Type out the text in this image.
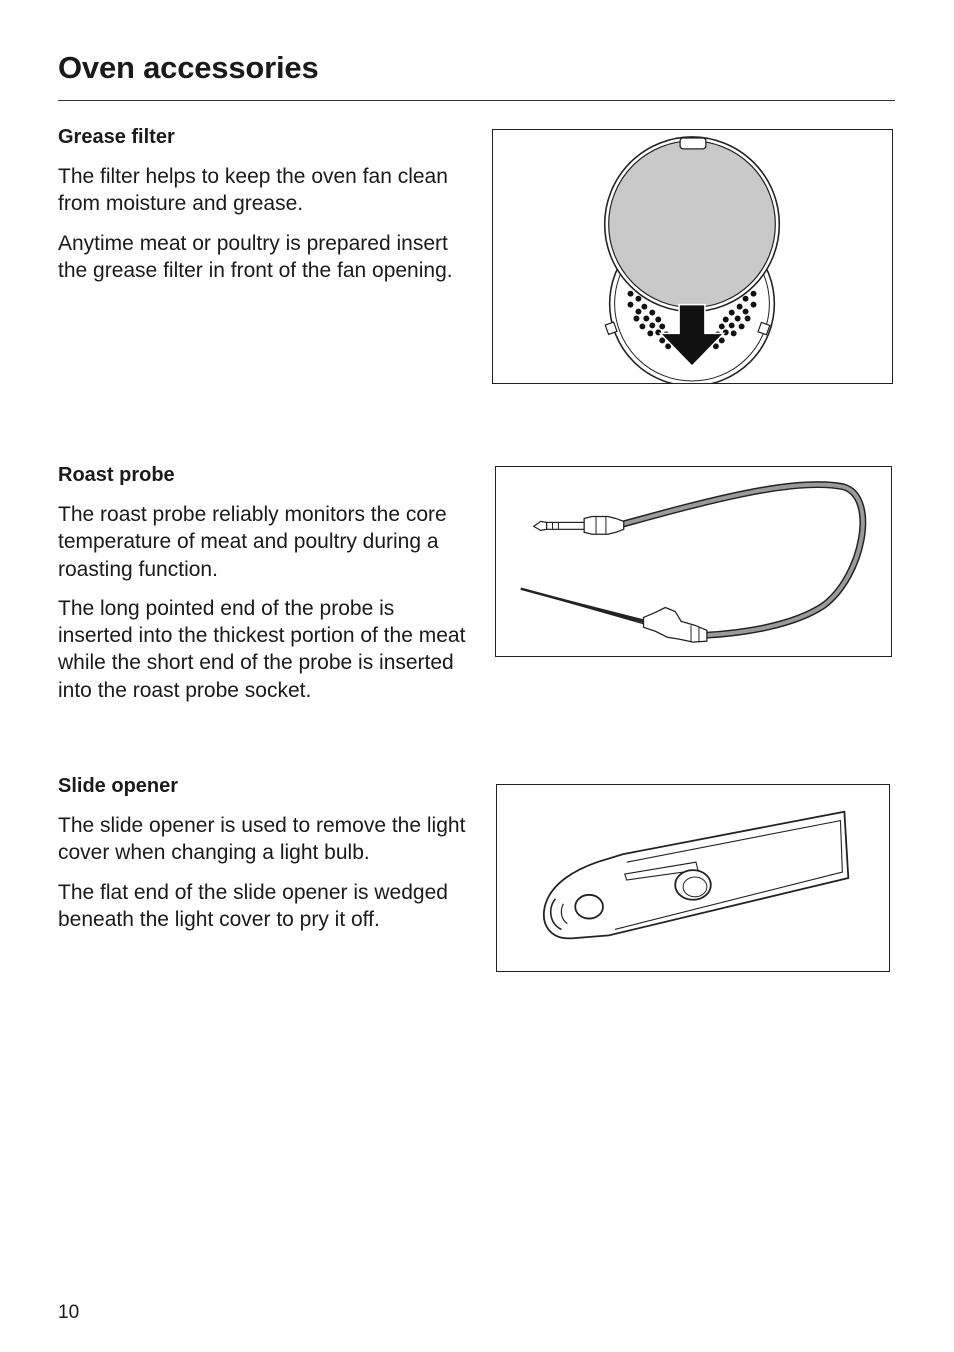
Oven accessories
Grease filter

The filter helps to keep the oven fan clean from moisture and grease.

Anytime meat or poultry is prepared insert the grease filter in front of the fan opening.

Roast probe

The roast probe reliably monitors the core temperature of meat and poultry during a roasting function.

The long pointed end of the probe is inserted into the thickest portion of the meat while the short end of the probe is inserted into the roast probe socket.

Slide opener

The slide opener is used to remove the light cover when changing a light bulb.

The flat end of the slide opener is wedged beneath the light cover to pry it off.

10
